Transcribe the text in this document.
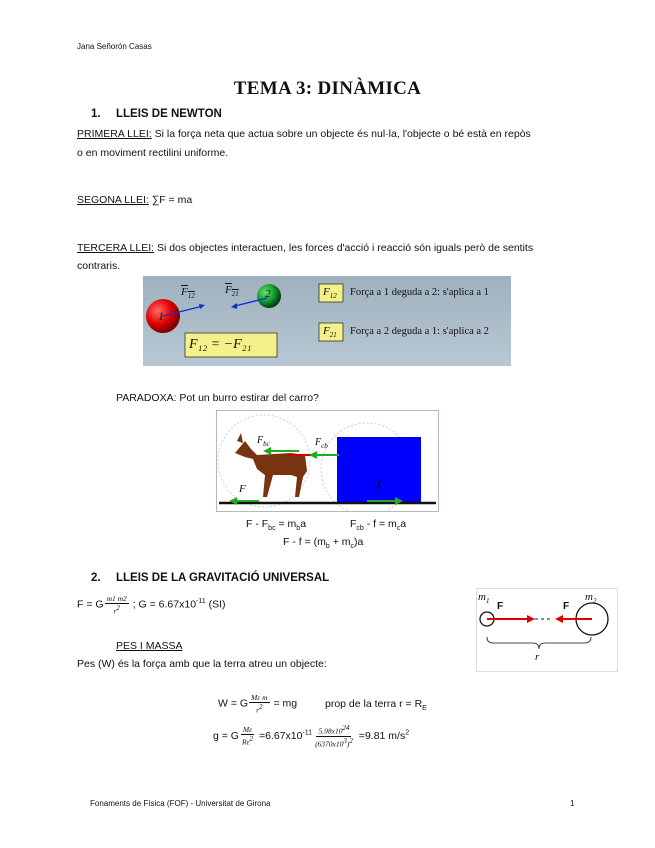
Jana Señorón Casas
TEMA 3: DINÀMICA
1. LLEIS DE NEWTON
PRIMERA LLEI: Si la força neta que actua sobre un objecte és nul·la, l'objecte o bé està en repòs
o en moviment rectilini uniforme.
SEGONA LLEI: ∑F = ma
TERCERA LLEI: Si dos objectes interactuen, les forces d'acció i reacció són iguals però de sentits
contraris.
1
2
$F_{12}$
$F_{21}$
F₁₂ = −F₂₁
$F_{12}$ Força a 1 deguda a 2: s'aplica a 1
$F_{21}$ Força a 2 deguda a 1: s'aplica a 2
PARADOXA: Pot un burro estirar del carro?
$F_{bc}$	$F_{cb}$
F	f
$F - F_{bc} = m_ba$	$F_{cb} - f = m_ca$
$F - f = (m_b + m_c)a$
2. LLEIS DE LA GRAVITACIÓ UNIVERSAL
F = G $\frac{m1 m2}{r^2}$ ; $G = 6.67x10^{-11}$ (SI)
$m_1$	$m_2$
F	F
r
PES I MASSA
Pes (W) és la força amb que la terra atreu un objecte:
W = G $\frac{\text{Mε m}}{r^2}$ = mg	prop de la terra $r = R_E$
g = G $\frac{M\varepsilon}{R\varepsilon^2} =6.67x10^{-11} \frac{5.98x10^{24}}{(6370x10^3)^2} =9.81$ $m/s^2$
Fonaments de Física (FOF) - Universitat de Girona	1
